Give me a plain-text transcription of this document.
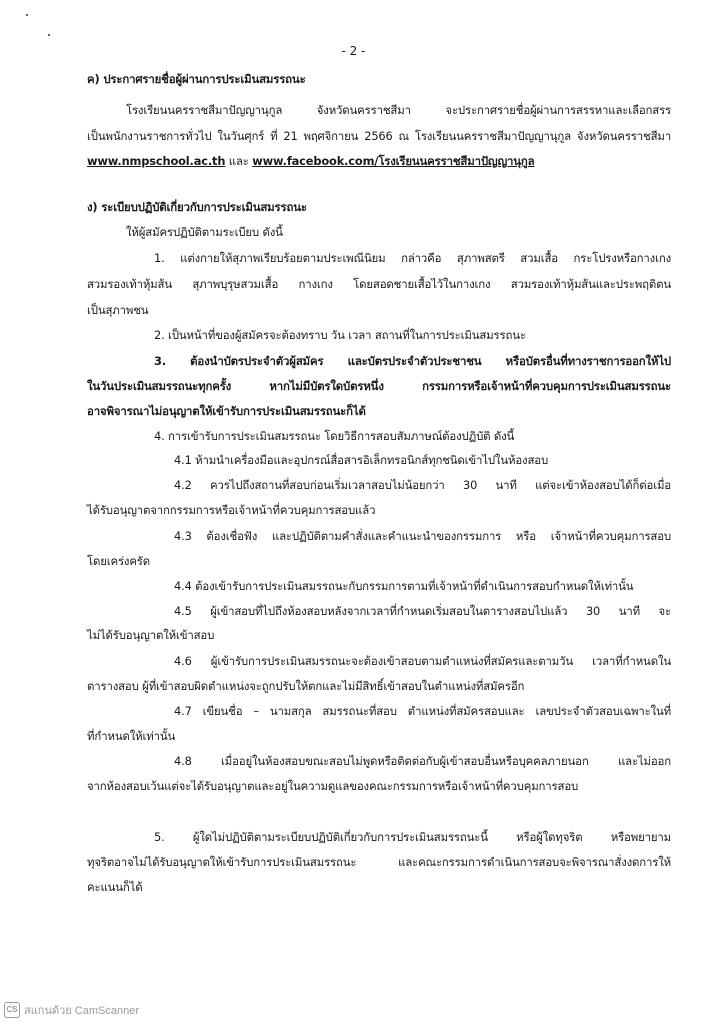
- 2 -
ค) ประกาศรายชื่อผู้ผ่านการประเมินสมรรถนะ
โรงเรียนนครราชสีมาปัญญานุกูล จังหวัดนครราชสีมา จะประกาศรายชื่อผู้ผ่านการสรรหาและเลือกสรร
เป็นพนักงานราชการทั่วไป ในวันศุกร์ ที่ 21 พฤศจิกายน 2566 ณ โรงเรียนนครราชสีมาปัญญานุกูล จังหวัดนครราชสีมา
www.nmpschool.ac.th และ www.facebook.com/โรงเรียนนครราชสีมาปัญญานุกูล
ง) ระเบียบปฏิบัติเกี่ยวกับการประเมินสมรรถนะ
ให้ผู้สมัครปฏิบัติตามระเบียบ ดังนี้
1. แต่งกายให้สุภาพเรียบร้อยตามประเพณีนิยม กล่าวคือ สุภาพสตรี สวมเสื้อ กระโปรงหรือกางเกง
สวมรองเท้าหุ้มส้น สุภาพบุรุษสวมเสื้อ กางเกง โดยสอดชายเสื้อไว้ในกางเกง สวมรองเท้าหุ้มส้นและประพฤติตน
เป็นสุภาพชน
2. เป็นหน้าที่ของผู้สมัครจะต้องทราบ วัน เวลา สถานที่ในการประเมินสมรรถนะ
3. ต้องนำบัตรประจำตัวผู้สมัคร และบัตรประจำตัวประชาชน หรือบัตรอื่นที่ทางราชการออกให้ไป
ในวันประเมินสมรรถนะทุกครั้ง หากไม่มีบัตรใดบัตรหนึ่ง กรรมการหรือเจ้าหน้าที่ควบคุมการประเมินสมรรถนะ
อาจพิจารณาไม่อนุญาตให้เข้ารับการประเมินสมรรถนะก็ได้
4. การเข้ารับการประเมินสมรรถนะ โดยวิธีการสอบสัมภาษณ์ต้องปฏิบัติ ดังนี้
4.1 ห้ามนำเครื่องมือและอุปกรณ์สื่อสารอิเล็กทรอนิกส์ทุกชนิดเข้าไปในห้องสอบ
4.2 ควรไปถึงสถานที่สอบก่อนเริ่มเวลาสอบไม่น้อยกว่า 30 นาที แต่จะเข้าห้องสอบได้ก็ต่อเมื่อ
ได้รับอนุญาตจากกรรมการหรือเจ้าหน้าที่ควบคุมการสอบแล้ว
4.3 ต้องเชื่อฟัง และปฏิบัติตามคำสั่งและคำแนะนำของกรรมการ หรือ เจ้าหน้าที่ควบคุมการสอบ
โดยเคร่งครัด
4.4 ต้องเข้ารับการประเมินสมรรถนะกับกรรมการตามที่เจ้าหน้าที่ดำเนินการสอบกำหนดให้เท่านั้น
4.5 ผู้เข้าสอบที่ไปถึงห้องสอบหลังจากเวลาที่กำหนดเริ่มสอบในตารางสอบไปแล้ว 30 นาที จะ
ไม่ได้รับอนุญาตให้เข้าสอบ
4.6 ผู้เข้ารับการประเมินสมรรถนะจะต้องเข้าสอบตามตำแหน่งที่สมัครและตามวัน เวลาที่กำหนดใน
ตารางสอบ ผู้ที่เข้าสอบผิดตำแหน่งจะถูกปรับให้ตกและไม่มีสิทธิ์เข้าสอบในตำแหน่งที่สมัครอีก
4.7 เขียนชื่อ – นามสกุล สมรรถนะที่สอบ ตำแหน่งที่สมัครสอบและ เลขประจำตัวสอบเฉพาะในที่
ที่กำหนดให้เท่านั้น
4.8 เมื่ออยู่ในห้องสอบขณะสอบไม่พูดหรือติดต่อกับผู้เข้าสอบอื่นหรือบุคคลภายนอก และไม่ออก
จากห้องสอบเว้นแต่จะได้รับอนุญาตและอยู่ในความดูแลของคณะกรรมการหรือเจ้าหน้าที่ควบคุมการสอบ
5. ผู้ใดไม่ปฏิบัติตามระเบียบปฏิบัติเกี่ยวกับการประเมินสมรรถนะนี้ หรือผู้ใดทุจริต หรือพยายาม
ทุจริตอาจไม่ได้รับอนุญาตให้เข้ารับการประเมินสมรรถนะ และคณะกรรมการดำเนินการสอบจะพิจารณาสั่งงดการให้
คะแนนก็ได้
CS สแกนด้วย CamScanner
